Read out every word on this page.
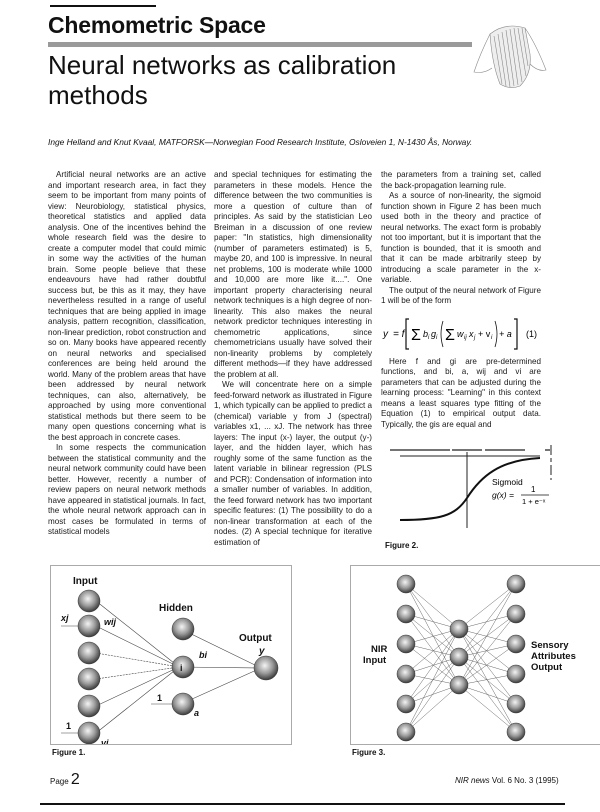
Chemometric Space
Neural networks as calibration methods
Inge Helland and Knut Kvaal, MATFORSK—Norwegian Food Research Institute, Osloveien 1, N-1430 Ås, Norway.

Artificial neural networks are an active and important research area, in fact they seem to be important from many points of view: Neurobiology, statistical physics, theoretical statistics and applied data analysis. One of the incentives behind the whole research field was the desire to create a computer model that could mimic in some way the activities of the human brain. Some people believe that these endeavours have had rather doubtful success but, be this as it may, they have nevertheless resulted in a range of useful techniques that are being applied in image analysis, pattern recognition, classification, non-linear prediction, robot construction and so on. Many books have appeared recently on neural networks and specialised conferences are being held around the world. Many of the problem areas that have been addressed by neural network techniques, can also, alternatively, be approached by using more conventional statistical methods but there seem to be many open questions concerning what is the best approach in concrete cases.

In some respects the communication between the statistical community and the neural network community could have been better. However, recently a number of review papers on neural network methods have appeared in statistical journals. In fact, the whole neural network approach can in most cases be formulated in terms of statistical models

and special techniques for estimating the parameters in these models. Hence the difference between the two communities is more a question of culture than of principles. As said by the statistician Leo Breiman in a discussion of one review paper: "In statistics, high dimensionality (number of parameters estimated) is 5, maybe 20, and 100 is impressive. In neural net problems, 100 is moderate while 1000 and 10,000 are more like it....". One important property characterising neural network techniques is a high degree of non-linearity. This also makes the neural network predictor techniques interesting in chemometric applications, since chemometricians usually have solved their non-linearity problems by completely different methods—if they have addressed the problem at all.

We will concentrate here on a simple feed-forward network as illustrated in Figure 1, which typically can be applied to predict a (chemical) variable y from J (spectral) variables x1, ... xJ. The network has three layers: The input (x-) layer, the output (y-) layer, and the hidden layer, which has roughly some of the same function as the latent variable in bilinear regression (PLS and PCR): Condensation of information into a smaller number of variables. In addition, the feed forward network has two important specific features: (1) The possibility to do a non-linear transformation at each of the nodes. (2) A special technique for iterative estimation of

the parameters from a training set, called the back-propagation learning rule.

As a source of non-linearity, the sigmoid function shown in Figure 2 has been much used both in the theory and practice of neural networks. The exact form is probably not too important, but it is important that the function is bounded, that it is smooth and that it can be made arbitrarily steep by introducing a scale parameter in the x-variable.

The output of the neural network of Figure 1 will be of the form

y = f Σ b i g i Σ w ij x j + v i + a (1)

Here f and gi are pre-determined functions, and bi, a, wij and vi are parameters that can be adjusted during the learning process: "Learning" in this context means a least squares type fitting of the Equation (1) to empirical output data. Typically, the gis are equal and

Sigmoid
g(x) =
1
1 + e⁻ˣ
Figure 2.
Input
Hidden
Output
y
xj	wij
bi
i
1
a
1
vi
Figure 1.
NIR
Input
Sensory
Attributes
Output
Figure 3.
Page 2	NIR news Vol. 6 No. 3 (1995)
